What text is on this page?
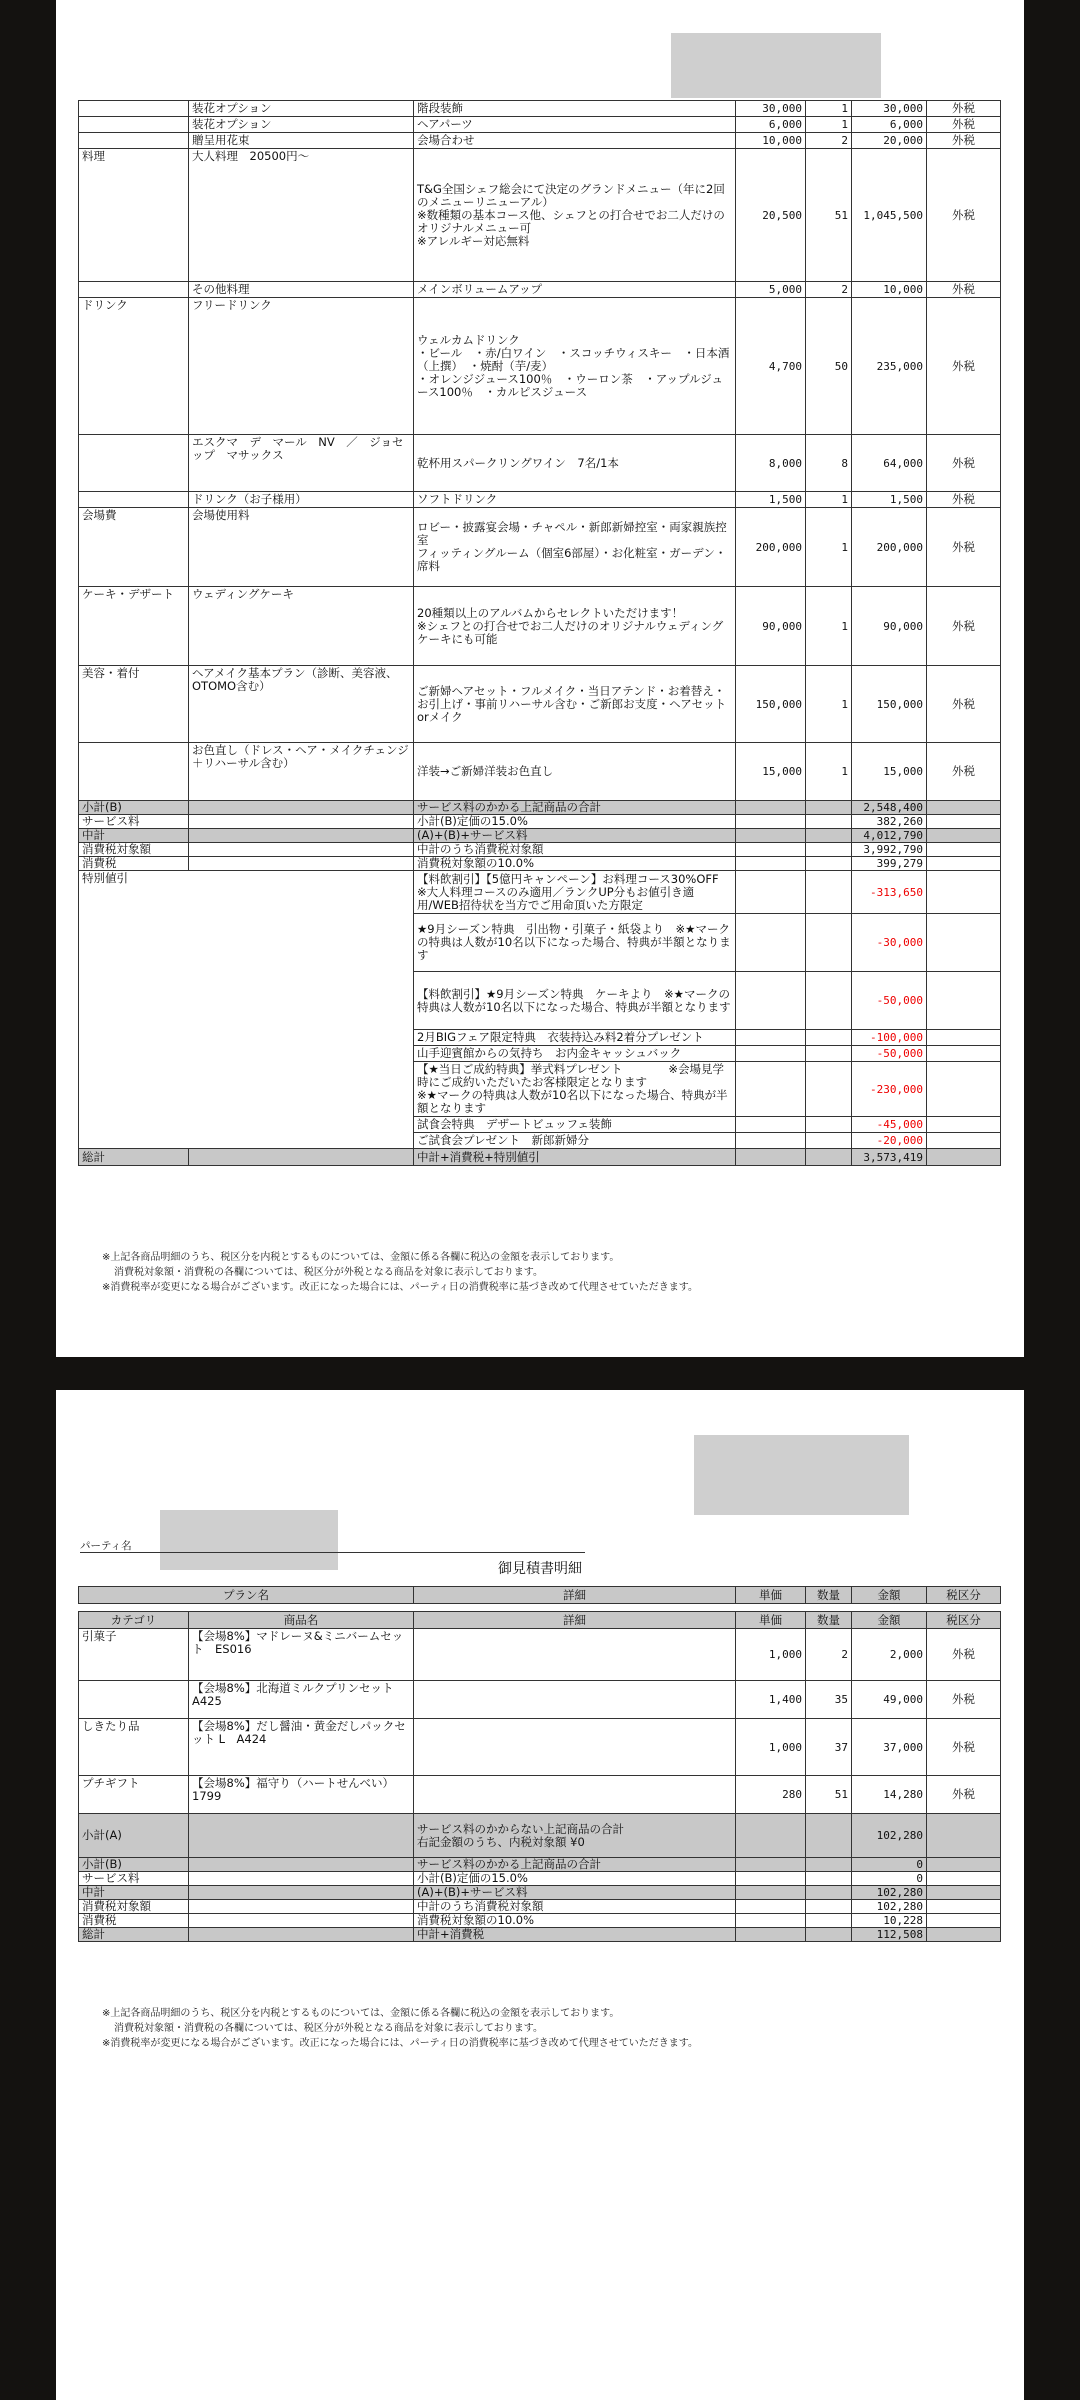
	装花オプション	階段装飾	30,000	1	30,000	外税
	装花オプション	ヘアパーツ	6,000	1	6,000	外税
	贈呈用花束	会場合わせ	10,000	2	20,000	外税
料理	大人料理　20500円～	T&G全国シェフ総会にて決定のグランドメニュー（年に2回のメニューリニューアル）
※数種類の基本コース他、シェフとの打合せでお二人だけのオリジナルメニュー可
※アレルギー対応無料	20,500	51	1,045,500	外税
	その他料理	メインボリュームアップ	5,000	2	10,000	外税
ドリンク	フリードリンク	ウェルカムドリンク
・ビール　・赤/白ワイン　・スコッチウィスキー　・日本酒（上撰）　・焼酎（芋/麦）
・オレンジジュース100％　・ウーロン茶　・アップルジュース100％　・カルピスジュース	4,700	50	235,000	外税
	エスクマ　デ　マール　NV　／　ジョセップ　マサックス	乾杯用スパークリングワイン　7名/1本	8,000	8	64,000	外税
	ドリンク（お子様用）	ソフトドリンク	1,500	1	1,500	外税
会場費	会場使用料	ロビー・披露宴会場・チャペル・新郎新婦控室・両家親族控室
フィッティングルーム（個室6部屋）・お化粧室・ガーデン・席料	200,000	1	200,000	外税
ケーキ・デザート	ウェディングケーキ	20種類以上のアルバムからセレクトいただけます！
※シェフとの打合せでお二人だけのオリジナルウェディングケーキにも可能	90,000	1	90,000	外税
美容・着付	ヘアメイク基本プラン（診断、美容液、OTOMO含む）	ご新婦ヘアセット・フルメイク・当日アテンド・お着替え・お引上げ・事前リハーサル含む・ご新郎お支度・ヘアセットorメイク	150,000	1	150,000	外税
	お色直し（ドレス・ヘア・メイクチェンジ＋リハーサル含む）	洋装→ご新婦洋装お色直し	15,000	1	15,000	外税
小計(B)		サービス料のかかる上記商品の合計			2,548,400	
サービス料		小計(B)定価の15.0%			382,260	
中計		(A)+(B)+サービス料			4,012,790	
消費税対象額		中計のうち消費税対象額			3,992,790	
消費税		消費税対象額の10.0%			399,279	
特別値引		【料飲割引】【5億円キャンペーン】お料理コース30%OFF　※大人料理コースのみ適用／ランクUP分もお値引き適用/WEB招待状を当方でご用命頂いた方限定			-313,650	
		★9月シーズン特典　引出物・引菓子・紙袋より　※★マークの特典は人数が10名以下になった場合、特典が半額となります			-30,000	
		【料飲割引】★9月シーズン特典　ケーキより　※★マークの特典は人数が10名以下になった場合、特典が半額となります			-50,000	
		2月BIGフェア限定特典　衣装持込み料2着分プレゼント			-100,000	
		山手迎賓館からの気持ち　お内金キャッシュバック			-50,000	
		【★当日ご成約特典】挙式料プレゼント　　　　※会場見学時にご成約いただいたお客様限定となります　　　　　　　　　※★マークの特典は人数が10名以下になった場合、特典が半額となります			-230,000	
		試食会特典　デザートビュッフェ装飾			-45,000	
		ご試食会プレゼント　新郎新婦分			-20,000	
総計		中計+消費税+特別値引			3,573,419	
※上記各商品明細のうち、税区分を内税とするものについては、金額に係る各欄に税込の金額を表示しております。
消費税対象額・消費税の各欄については、税区分が外税となる商品を対象に表示しております。
※消費税率が変更になる場合がございます。改正になった場合には、パーティ日の消費税率に基づき改めて代理させていただきます。
パーティ名
御見積書明細
プラン名		詳細	単価	数量	金額	税区分

カテゴリ	商品名	詳細	単価	数量	金額	税区分
引菓子	【会場8%】マドレーヌ&ミニバームセット　ES016		1,000	2	2,000	外税
	【会場8%】北海道ミルクプリンセット　A425		1,400	35	49,000	外税
しきたり品	【会場8%】だし醤油・黄金だしパックセット L　A424		1,000	37	37,000	外税
プチギフト	【会場8%】福守り（ハートせんべい）　1799		280	51	14,280	外税
小計(A)		サービス料のかからない上記商品の合計
右記金額のうち、内税対象額 ¥0			102,280	
小計(B)		サービス料のかかる上記商品の合計			0	
サービス料		小計(B)定価の15.0%			0	
中計		(A)+(B)+サービス料			102,280	
消費税対象額		中計のうち消費税対象額			102,280	
消費税		消費税対象額の10.0%			10,228	
総計		中計+消費税			112,508	
※上記各商品明細のうち、税区分を内税とするものについては、金額に係る各欄に税込の金額を表示しております。
消費税対象額・消費税の各欄については、税区分が外税となる商品を対象に表示しております。
※消費税率が変更になる場合がございます。改正になった場合には、パーティ日の消費税率に基づき改めて代理させていただきます。
